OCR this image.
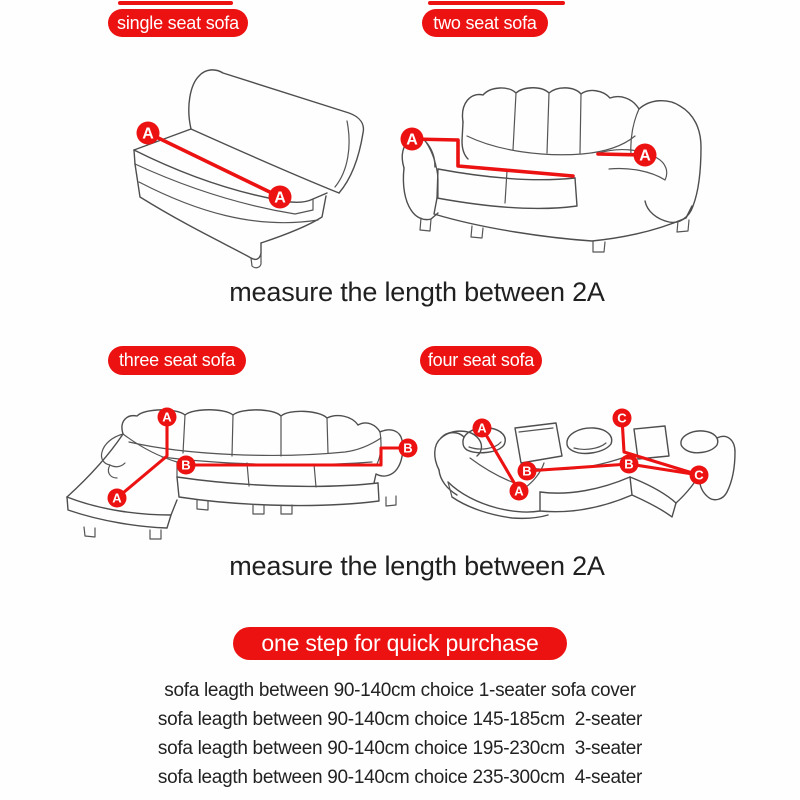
single seat sofa	two seat sofa
A
A
A
A
measure the length between 2A
three seat sofa	four seat sofa
A
A
B
B
A
A
B	B
C
C
measure the length between 2A
one step for quick purchase
sofa leagth between 90-140cm choice 1-seater sofa cover
sofa leagth between 90-140cm choice 145-185cm  2-seater
sofa leagth between 90-140cm choice 195-230cm  3-seater
sofa leagth between 90-140cm choice 235-300cm  4-seater
